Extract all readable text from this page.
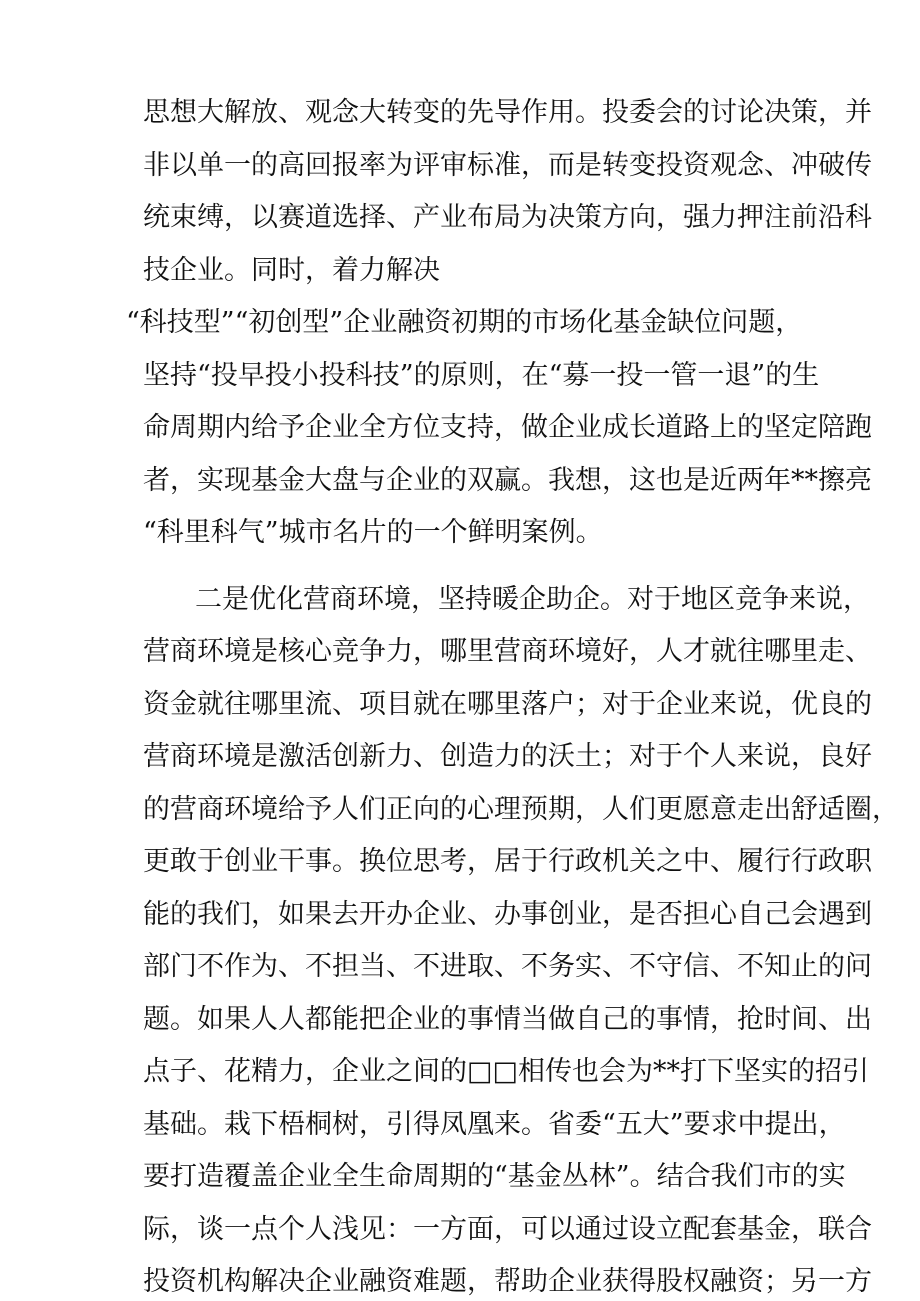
思想大解放、观念大转变的先导作用。投委会的讨论决策，并
非以单一的高回报率为评审标准，而是转变投资观念、冲破传
统束缚，以赛道选择、产业布局为决策方向，强力押注前沿科
技企业。同时，着力解决
“科技型”“初创型”企业融资初期的市场化基金缺位问题，
坚持“投早投小投科技”的原则，在“募一投一管一退”的生
命周期内给予企业全方位支持，做企业成长道路上的坚定陪跑
者，实现基金大盘与企业的双赢。我想，这也是近两年**擦亮
“科里科气”城市名片的一个鲜明案例。
二是优化营商环境，坚持暖企助企。对于地区竞争来说，
营商环境是核心竞争力，哪里营商环境好，人才就往哪里走、
资金就往哪里流、项目就在哪里落户；对于企业来说，优良的
营商环境是激活创新力、创造力的沃土；对于个人来说，良好
的营商环境给予人们正向的心理预期，人们更愿意走出舒适圈，
更敢于创业干事。换位思考，居于行政机关之中、履行行政职
能的我们，如果去开办企业、办事创业，是否担心自己会遇到
部门不作为、不担当、不进取、不务实、不守信、不知止的问
题。如果人人都能把企业的事情当做自己的事情，抢时间、出
点子、花精力，企业之间的□□相传也会为**打下坚实的招引
基础。栽下梧桐树，引得凤凰来。省委“五大”要求中提出，
要打造覆盖企业全生命周期的“基金丛林”。结合我们市的实
际，谈一点个人浅见：一方面，可以通过设立配套基金，联合
投资机构解决企业融资难题，帮助企业获得股权融资；另一方
